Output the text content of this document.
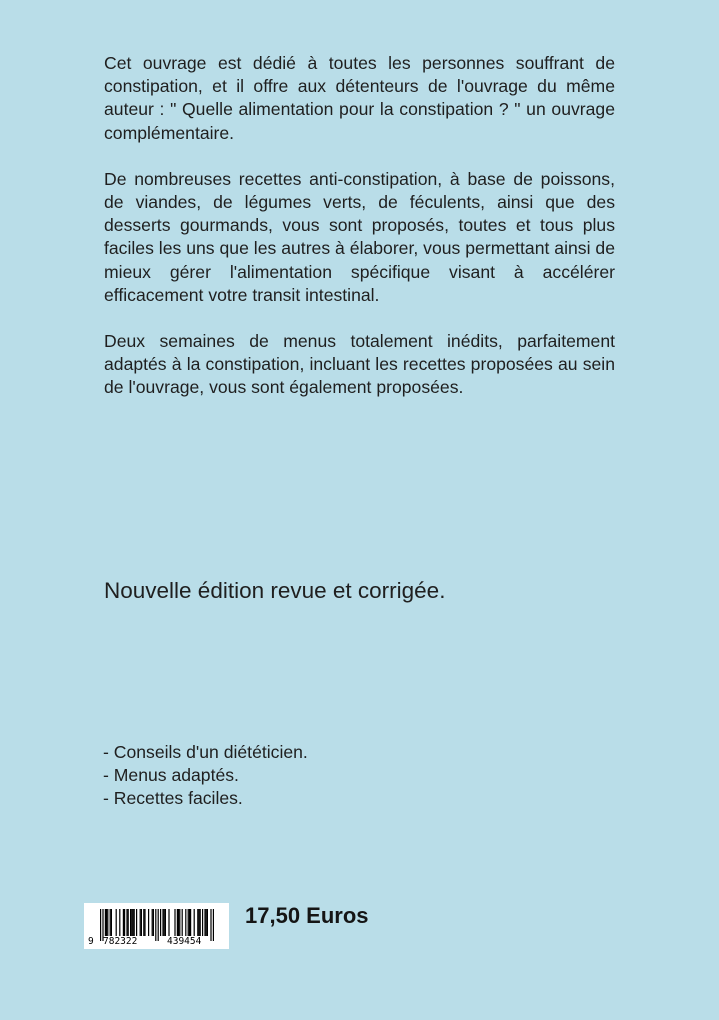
Cet ouvrage est dédié à toutes les personnes souffrant de constipation, et il offre aux détenteurs de l'ouvrage du même auteur : " Quelle alimentation pour la constipation ? " un ouvrage complémentaire.

De nombreuses recettes anti-constipation, à base de poissons, de viandes, de légumes verts, de féculents, ainsi que des desserts gourmands, vous sont proposés, toutes et tous plus faciles les uns que les autres à élaborer, vous permettant ainsi de mieux gérer l'alimentation spécifique visant à accélérer efficacement votre transit intestinal.

Deux semaines de menus totalement inédits, parfaitement adaptés à la constipation, incluant les recettes proposées au sein de l'ouvrage, vous sont également proposées.

Nouvelle édition revue et corrigée.
- Conseils d'un diététicien.
- Menus adaptés.
- Recettes faciles.
9 782322	439454
17,50 Euros
